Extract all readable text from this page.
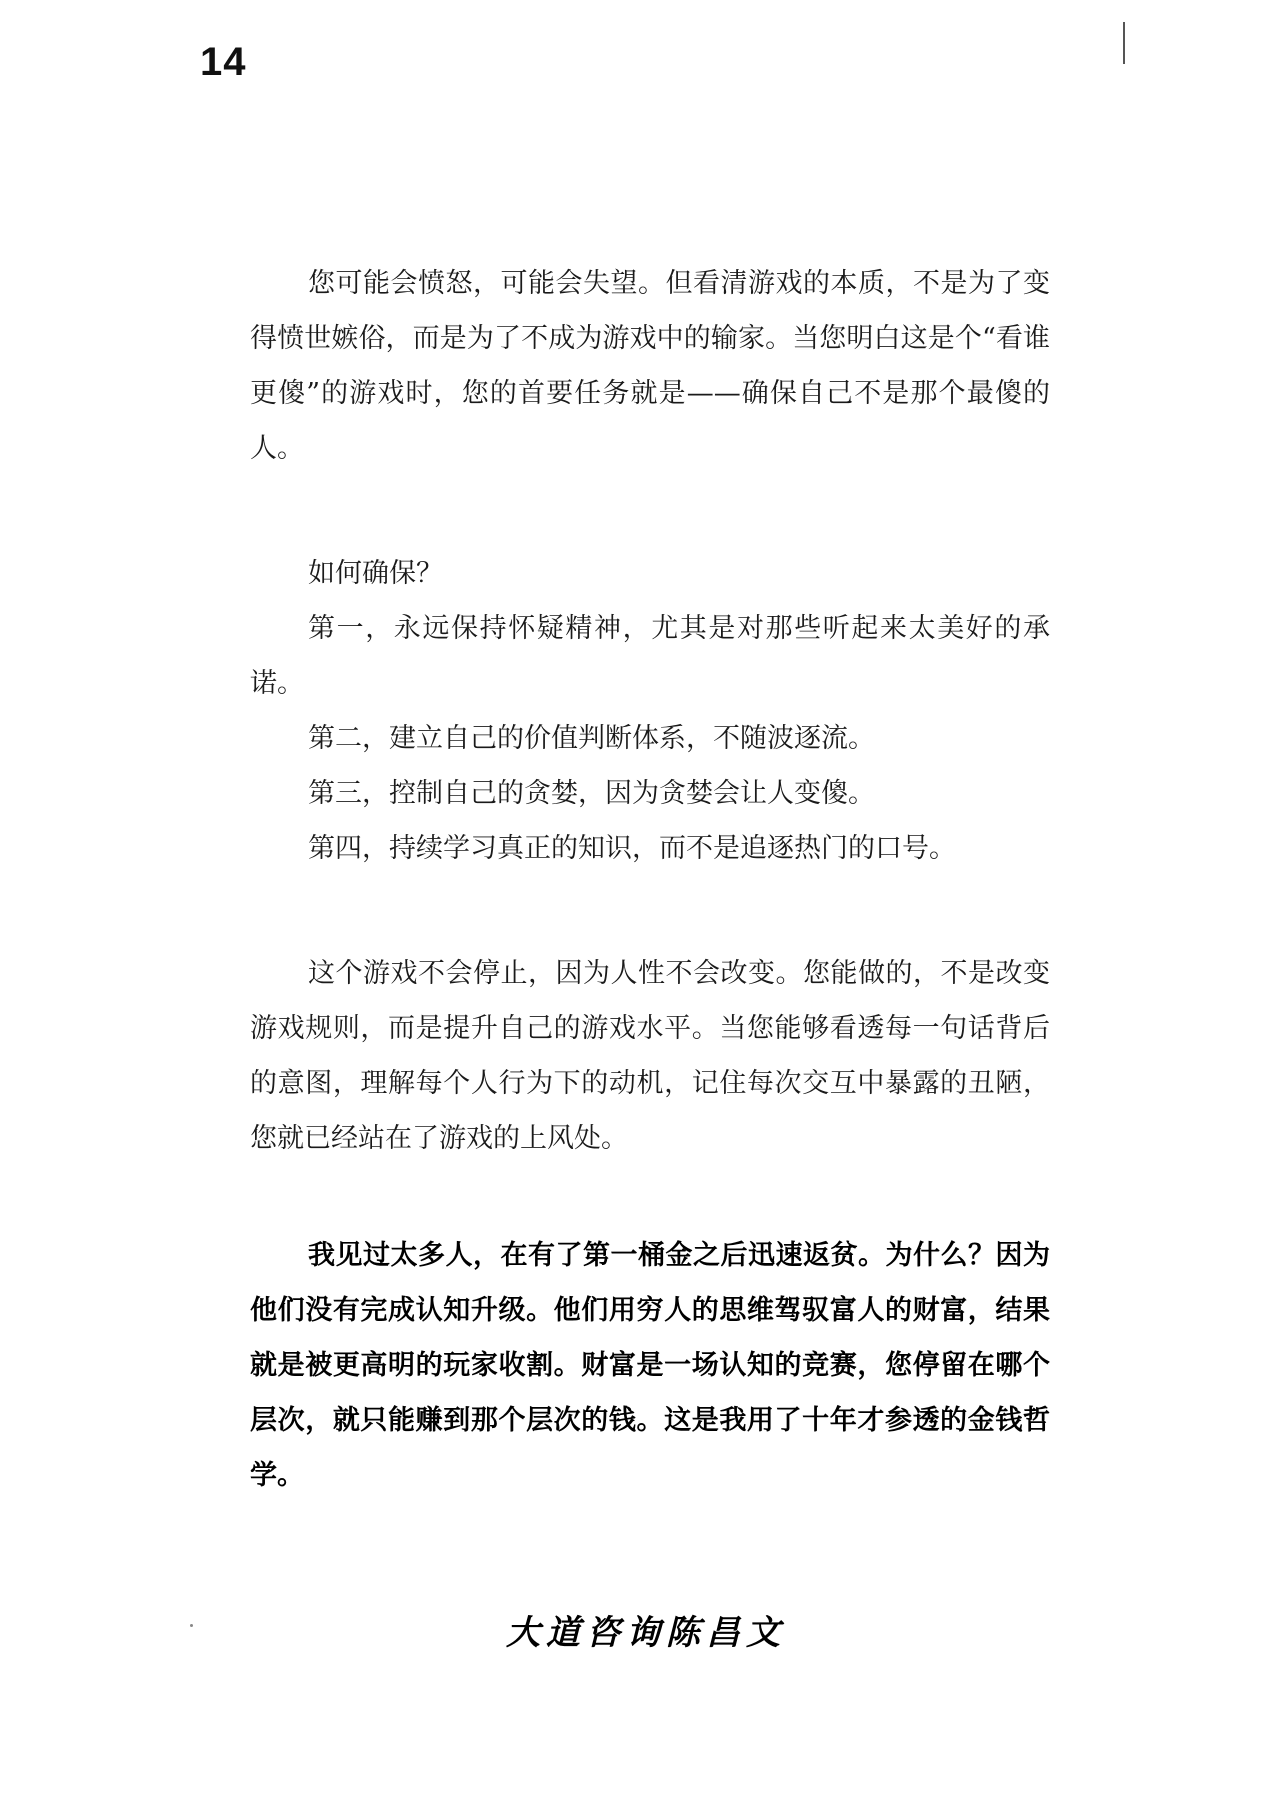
14

您可能会愤怒，可能会失望。但看清游戏的本质，不是为了变得愤世嫉俗，而是为了不成为游戏中的输家。当您明白这是个“看谁更傻”的游戏时，您的首要任务就是——确保自己不是那个最傻的人。

如何确保？

第一，永远保持怀疑精神，尤其是对那些听起来太美好的承诺。

第二，建立自己的价值判断体系，不随波逐流。

第三，控制自己的贪婪，因为贪婪会让人变傻。

第四，持续学习真正的知识，而不是追逐热门的口号。

这个游戏不会停止，因为人性不会改变。您能做的，不是改变游戏规则，而是提升自己的游戏水平。当您能够看透每一句话背后的意图，理解每个人行为下的动机，记住每次交互中暴露的丑陋，您就已经站在了游戏的上风处。

我见过太多人，在有了第一桶金之后迅速返贫。为什么？因为他们没有完成认知升级。他们用穷人的思维驾驭富人的财富，结果就是被更高明的玩家收割。财富是一场认知的竞赛，您停留在哪个层次，就只能赚到那个层次的钱。这是我用了十年才参透的金钱哲学。

大道咨询陈昌文
